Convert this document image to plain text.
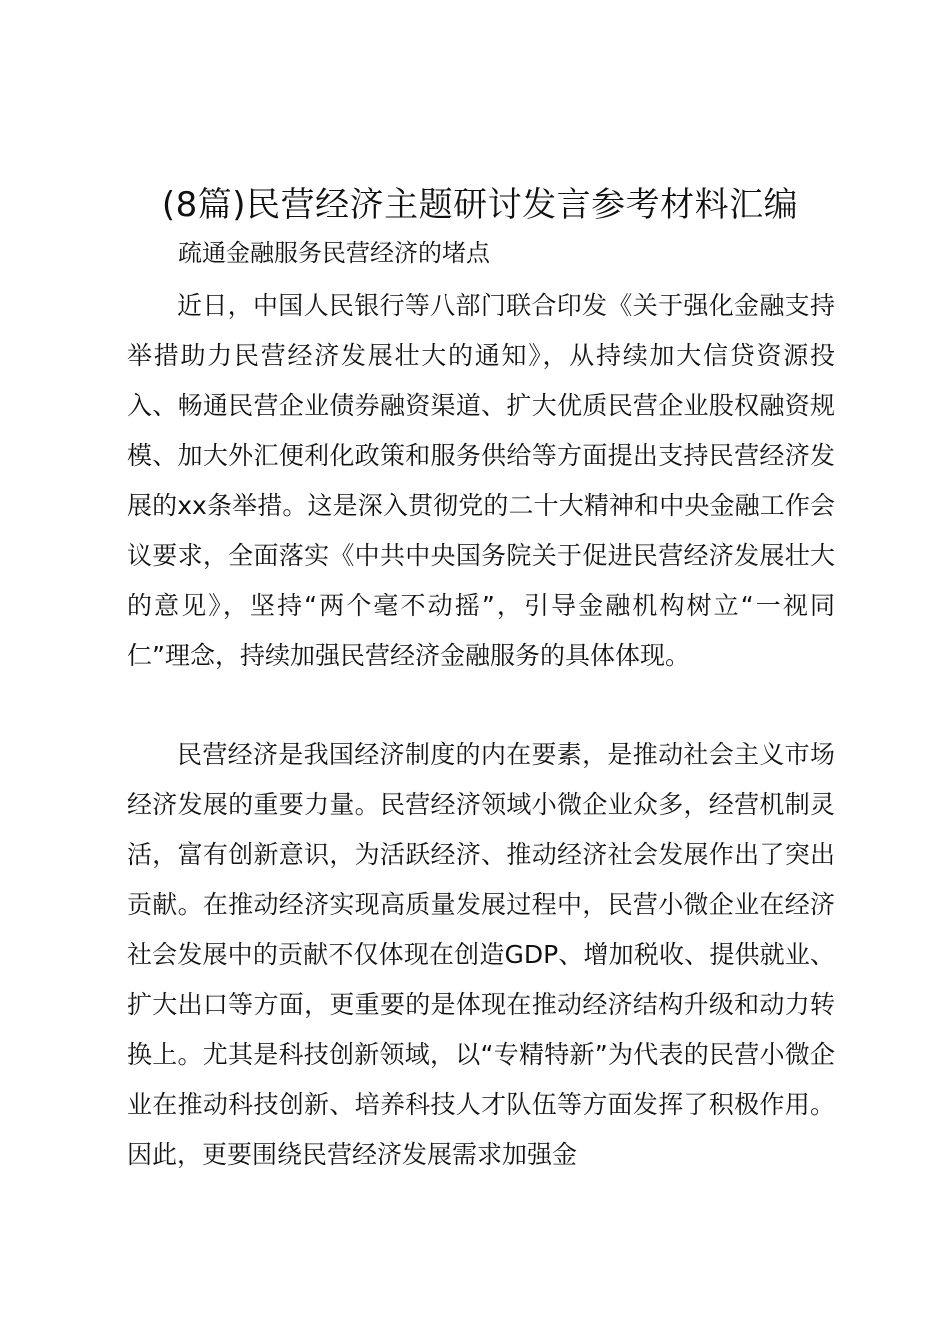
(8篇)民营经济主题研讨发言参考材料汇编

疏通金融服务民营经济的堵点

近日，中国人民银行等八部门联合印发《关于强化金融支持举措助力民营经济发展壮大的通知》，从持续加大信贷资源投入、畅通民营企业债券融资渠道、扩大优质民营企业股权融资规模、加大外汇便利化政策和服务供给等方面提出支持民营经济发展的xx条举措。这是深入贯彻党的二十大精神和中央金融工作会议要求，全面落实《中共中央国务院关于促进民营经济发展壮大的意见》，坚持“两个毫不动摇”，引导金融机构树立“一视同仁”理念，持续加强民营经济金融服务的具体体现。

民营经济是我国经济制度的内在要素，是推动社会主义市场经济发展的重要力量。民营经济领域小微企业众多，经营机制灵活，富有创新意识，为活跃经济、推动经济社会发展作出了突出贡献。在推动经济实现高质量发展过程中，民营小微企业在经济社会发展中的贡献不仅体现在创造GDP、增加税收、提供就业、扩大出口等方面，更重要的是体现在推动经济结构升级和动力转换上。尤其是科技创新领域，以“专精特新”为代表的民营小微企业在推动科技创新、培养科技人才队伍等方面发挥了积极作用。因此，更要围绕民营经济发展需求加强金
